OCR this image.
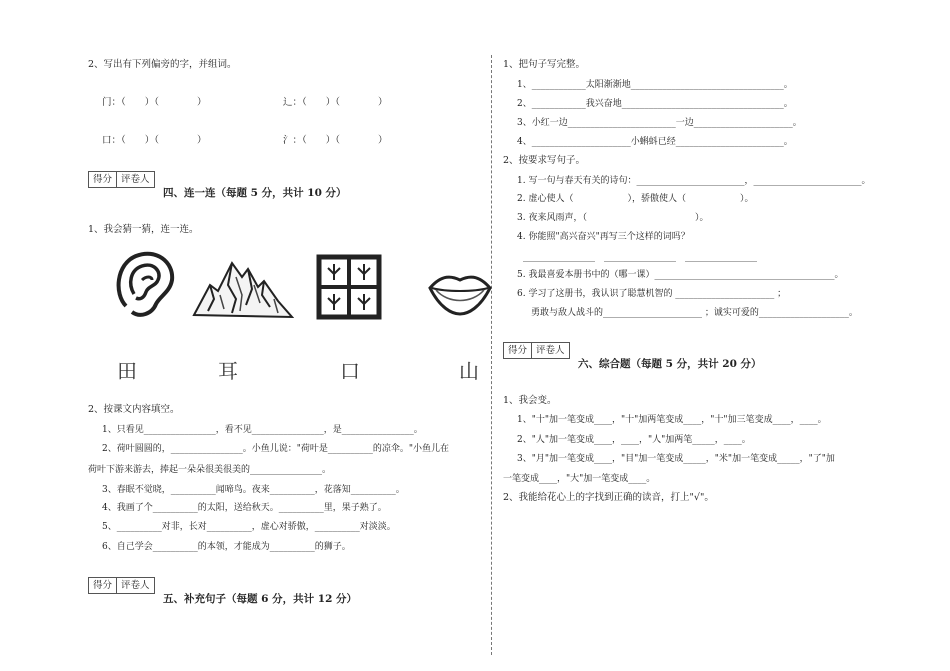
2、写出有下列偏旁的字，并组词。
门：（　　）（　　　　）	辶：（　　）（　　　　）
口：（　　）（　　　　）	氵：（　　）（　　　　）
得分 评卷人
四、连一连（每题 5 分，共计 10 分）
1、我会猜一猜，连一连。
田	耳	口	山
2、按课文内容填空。
1、只看见________________，看不见________________，是________________。
2、荷叶圆圆的，________________。小鱼儿说："荷叶是__________的凉伞。"小鱼儿在
荷叶下游来游去，捧起一朵朵很美很美的________________。
3、春眠不觉晓，__________闻啼鸟。夜来__________，花落知__________。
4、我画了个__________的太阳，送给秋天。__________里，果子熟了。
5、__________对非，长对__________，虚心对骄傲，__________对淡淡。
6、自己学会__________的本领，才能成为__________的狮子。
得分 评卷人
五、补充句子（每题 6 分，共计 12 分）
1、把句子写完整。
1、____________太阳渐渐地__________________________________。
2、____________我兴奋地____________________________________。
3、小红一边________________________一边______________________。
4、______________________小蝌蚪已经________________________。
2、按要求写句子。
1. 写一句与春天有关的诗句：________________________，________________________。
2. 虚心使人（　　　　　　），骄傲使人（　　　　　　）。
3. 夜来风雨声，（　　　　　　　　　　　　）。
4. 你能照"高兴奋兴"再写三个这样的词吗？
________________　________________　________________
5. 我最喜爱本册书中的（哪一课）________________________________________。
6. 学习了这册书，我认识了聪慧机智的 ______________________ ；
勇敢与敌人战斗的______________________ ；诚实可爱的____________________。
得分 评卷人
六、综合题（每题 5 分，共计 20 分）
1、我会变。
1、"十"加一笔变成____，"十"加两笔变成____，"十"加三笔变成____，____。
2、"人"加一笔变成____，____，"人"加两笔_____，____。
3、"月"加一笔变成____，"目"加一笔变成_____，"米"加一笔变成_____，"了"加
一笔变成____，"大"加一笔变成____。
2、我能给花心上的字找到正确的读音，打上"√"。
